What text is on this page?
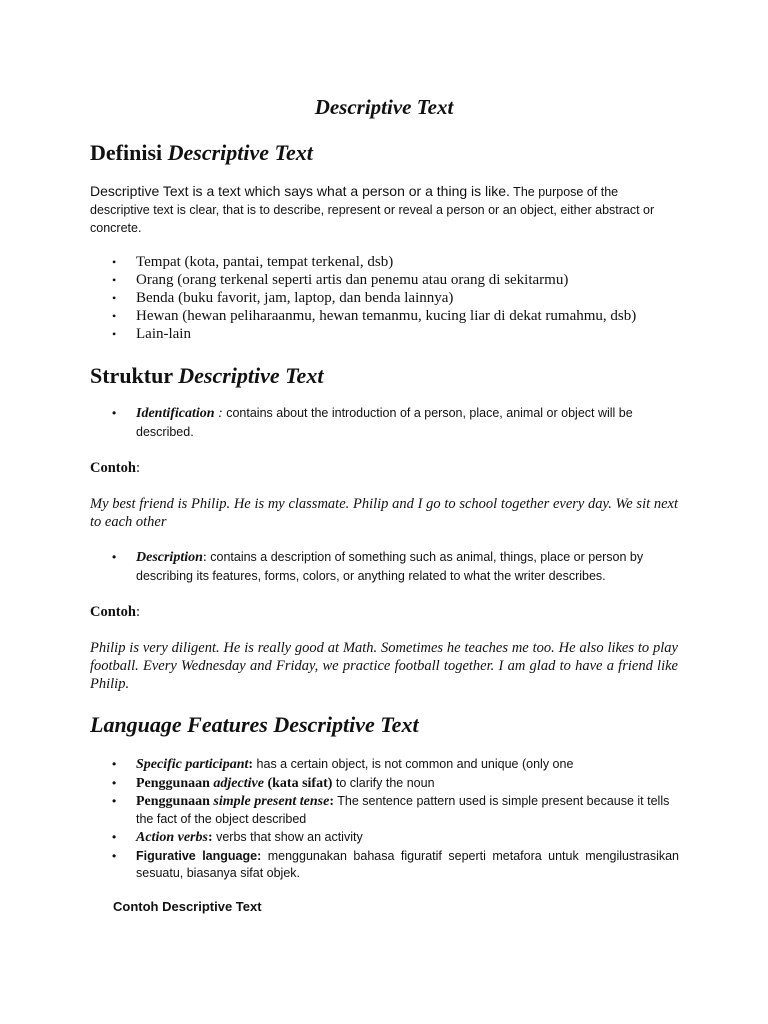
Descriptive Text
Definisi Descriptive Text
Descriptive Text is a text which says what a person or a thing is like. The purpose of the descriptive text is clear, that is to describe, represent or reveal a person or an object, either abstract or concrete.
• Tempat (kota, pantai, tempat terkenal, dsb)
• Orang (orang terkenal seperti artis dan penemu atau orang di sekitarmu)
• Benda (buku favorit, jam, laptop, dan benda lainnya)
• Hewan (hewan peliharaanmu, hewan temanmu, kucing liar di dekat rumahmu, dsb)
• Lain-lain
Struktur Descriptive Text
• Identification : contains about the introduction of a person, place, animal or object will be described.
Contoh:
My best friend is Philip. He is my classmate. Philip and I go to school together every day. We sit next to each other
• Description: contains a description of something such as animal, things, place or person by describing its features, forms, colors, or anything related to what the writer describes.
Contoh:
Philip is very diligent. He is really good at Math. Sometimes he teaches me too. He also likes to play football. Every Wednesday and Friday, we practice football together. I am glad to have a friend like Philip.
Language Features Descriptive Text
• Specific participant: has a certain object, is not common and unique (only one
• Penggunaan adjective (kata sifat) to clarify the noun
• Penggunaan simple present tense: The sentence pattern used is simple present because it tells the fact of the object described
• Action verbs: verbs that show an activity
• Figurative language: menggunakan bahasa figuratif seperti metafora untuk mengilustrasikan sesuatu, biasanya sifat objek.
Contoh Descriptive Text
